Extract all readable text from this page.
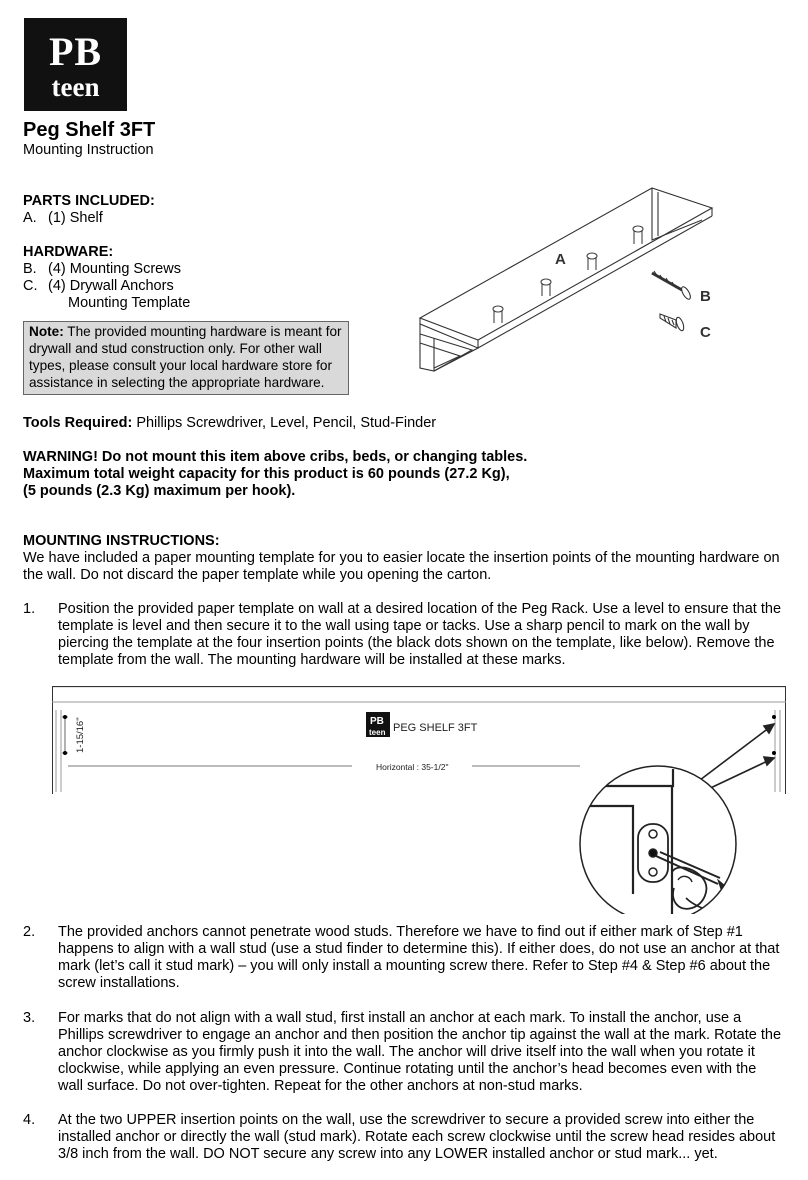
PB
teen
Peg Shelf 3FT
Mounting Instruction
PARTS INCLUDED:
A. (1) Shelf
HARDWARE:
B. (4) Mounting Screws
C. (4) Drywall Anchors
Mounting Template
Note: The provided mounting hardware is meant for drywall and stud construction only. For other wall types, please consult your local hardware store for assistance in selecting the appropriate hardware.
A
B
C
Tools Required: Phillips Screwdriver, Level, Pencil, Stud-Finder
WARNING! Do not mount this item above cribs, beds, or changing tables.
Maximum total weight capacity for this product is 60 pounds (27.2 Kg),
(5 pounds (2.3 Kg) maximum per hook).
MOUNTING INSTRUCTIONS:
We have included a paper mounting template for you to easier locate the insertion points of the mounting hardware on the wall. Do not discard the paper template while you opening the carton.
1. Position the provided paper template on wall at a desired location of the Peg Rack. Use a level to ensure that the template is level and then secure it to the wall using tape or tacks. Use a sharp pencil to mark on the wall by piercing the template at the four insertion points (the black dots shown on the template, like below). Remove the template from the wall. The mounting hardware will be installed at these marks.
1-15/16"	PB
teen PEG SHELF 3FT
Horizontal : 35-1/2"
2. The provided anchors cannot penetrate wood studs. Therefore we have to find out if either mark of Step #1 happens to align with a wall stud (use a stud finder to determine this). If either does, do not use an anchor at that mark (let’s call it stud mark) – you will only install a mounting screw there. Refer to Step #4 & Step #6 about the screw installations.
3. For marks that do not align with a wall stud, first install an anchor at each mark. To install the anchor, use a Phillips screwdriver to engage an anchor and then position the anchor tip against the wall at the mark. Rotate the anchor clockwise as you firmly push it into the wall. The anchor will drive itself into the wall when you rotate it clockwise, while applying an even pressure. Continue rotating until the anchor’s head becomes even with the wall surface. Do not over-tighten. Repeat for the other anchors at non-stud marks.
4. At the two UPPER insertion points on the wall, use the screwdriver to secure a provided screw into either the installed anchor or directly the wall (stud mark). Rotate each screw clockwise until the screw head resides about 3/8 inch from the wall. DO NOT secure any screw into any LOWER installed anchor or stud mark... yet.
